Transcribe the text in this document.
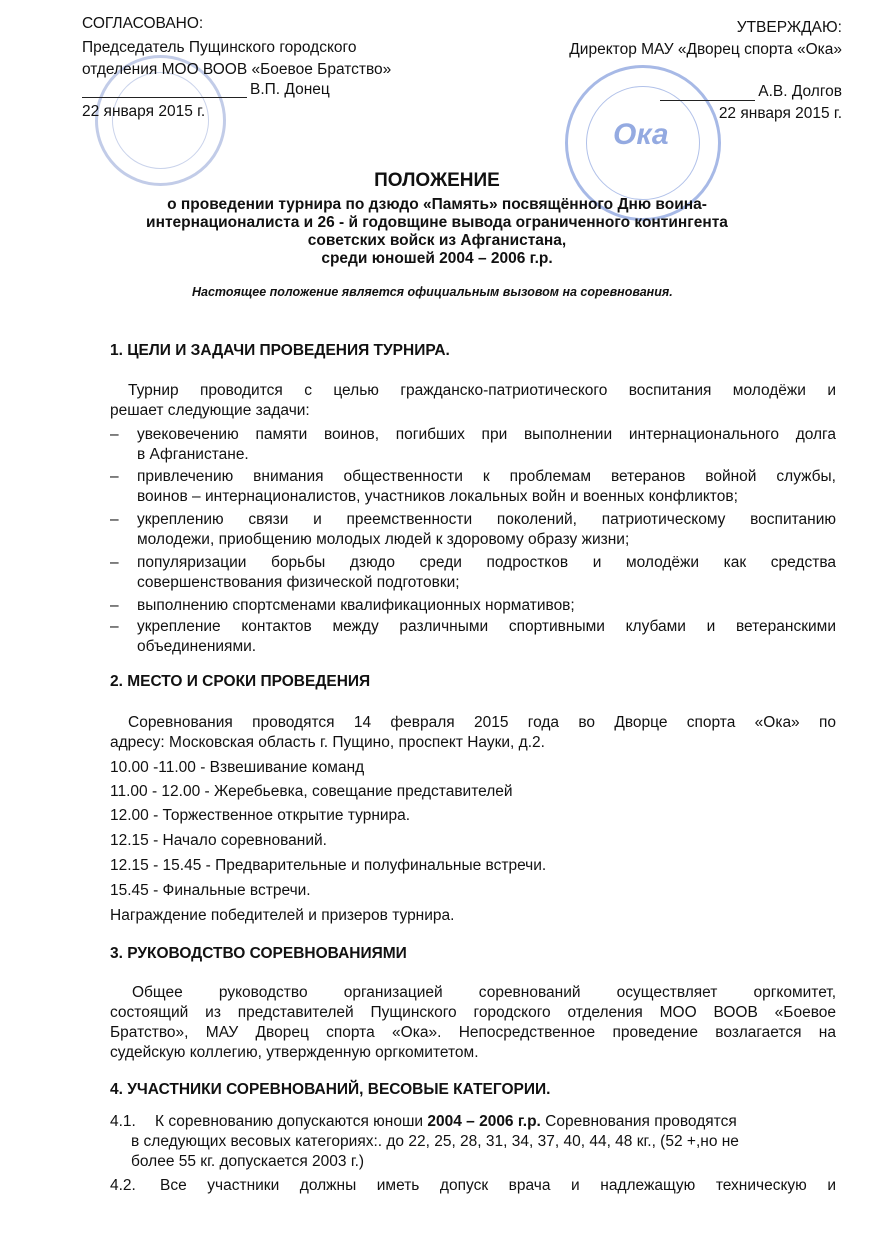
Ока
СОГЛАСОВАНО:
Председатель Пущинского городского
отделения МОО ВООВ «Боевое Братство»
В.П. Донец
22 января 2015 г.
УТВЕРЖДАЮ:
Директор МАУ «Дворец спорта «Ока»
А.В. Долгов
22 января 2015 г.
ПОЛОЖЕНИЕ
о проведении турнира по дзюдо «Память» посвящённого Дню воина-
интернационалиста и 26 - й годовщине вывода ограниченного контингента
советских войск из Афганистана,
среди юношей 2004 – 2006 г.р.
Настоящее положение является официальным вызовом на соревнования.
1. ЦЕЛИ И ЗАДАЧИ ПРОВЕДЕНИЯ ТУРНИРА.
Турнир проводится с целью гражданско-патриотического воспитания молодёжи и
решает следующие задачи:
– увековечению памяти воинов, погибших при выполнении интернационального долга
в Афганистане.
– привлечению внимания общественности к проблемам ветеранов войной службы,
воинов – интернационалистов, участников локальных войн и военных конфликтов;
– укреплению связи и преемственности поколений, патриотическому воспитанию
молодежи, приобщению молодых людей к здоровому образу жизни;
– популяризации борьбы дзюдо среди подростков и молодёжи как средства
совершенствования физической подготовки;
– выполнению спортсменами квалификационных нормативов;
– укрепление контактов между различными спортивными клубами и ветеранскими
объединениями.
2. МЕСТО И СРОКИ ПРОВЕДЕНИЯ
Соревнования проводятся 14 февраля 2015 года во Дворце спорта «Ока» по
адресу: Московская область г. Пущино, проспект Науки, д.2.
10.00 -11.00 - Взвешивание команд
11.00 - 12.00 - Жеребьевка, совещание представителей
12.00 - Торжественное открытие турнира.
12.15 - Начало соревнований.
12.15 - 15.45 - Предварительные и полуфинальные встречи.
15.45 - Финальные встречи.
Награждение победителей и призеров турнира.
3. РУКОВОДСТВО СОРЕВНОВАНИЯМИ
Общее руководство организацией соревнований осуществляет оргкомитет,
состоящий из представителей Пущинского городского отделения МОО ВООВ «Боевое
Братство», МАУ Дворец спорта «Ока». Непосредственное проведение возлагается на
судейскую коллегию, утвержденную оргкомитетом.
4. УЧАСТНИКИ СОРЕВНОВАНИЙ, ВЕСОВЫЕ КАТЕГОРИИ.
4.1. К соревнованию допускаются юноши 2004 – 2006 г.р. Соревнования проводятся
в следующих весовых категориях:. до 22, 25, 28, 31, 34, 37, 40, 44, 48 кг., (52 +,но не
более 55 кг. допускается 2003 г.)
4.2. Все участники должны иметь допуск врача и надлежащую техническую и
